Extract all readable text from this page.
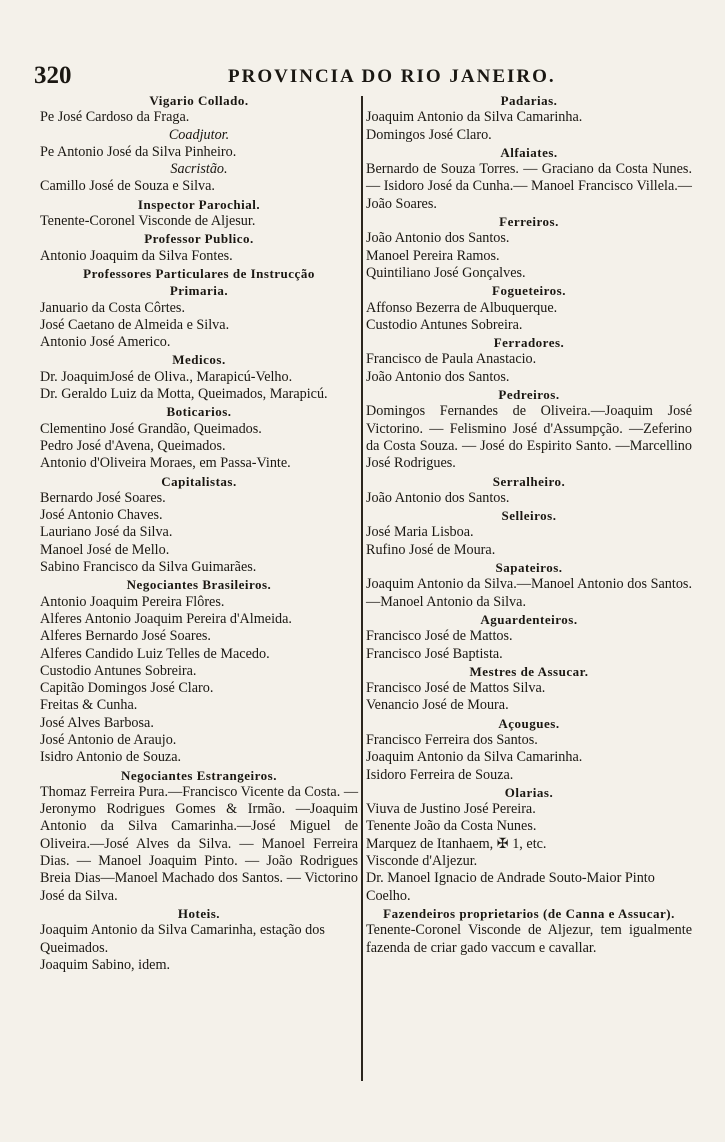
320	PROVINCIA DO RIO JANEIRO.
Vigario Collado.
Pe José Cardoso da Fraga.
Coadjutor.
Pe Antonio José da Silva Pinheiro.
Sacristão.
Camillo José de Souza e Silva.
Inspector Parochial.
Tenente-Coronel Visconde de Aljesur.
Professor Publico.
Antonio Joaquim da Silva Fontes.
Professores Particulares de Instrucção
Primaria.
Januario da Costa Côrtes.
José Caetano de Almeida e Silva.
Antonio José Americo.
Medicos.
Dr. JoaquimJosé de Oliva., Marapicú-Velho.
Dr. Geraldo Luiz da Motta, Queimados, Marapicú.
Boticarios.
Clementino José Grandão, Queimados.
Pedro José d'Avena, Queimados.
Antonio d'Oliveira Moraes, em Passa-Vinte.
Capitalistas.
Bernardo José Soares.
José Antonio Chaves.
Lauriano José da Silva.
Manoel José de Mello.
Sabino Francisco da Silva Guimarães.
Negociantes Brasileiros.
Antonio Joaquim Pereira Flôres.
Alferes Antonio Joaquim Pereira d'Almeida.
Alferes Bernardo José Soares.
Alferes Candido Luiz Telles de Macedo.
Custodio Antunes Sobreira.
Capitão Domingos José Claro.
Freitas & Cunha.
José Alves Barbosa.
José Antonio de Araujo.
Isidro Antonio de Souza.
Negociantes Estrangeiros.
Thomaz Ferreira Pura.—Francisco Vicente da Costa. — Jeronymo Rodrigues Gomes & Irmão. —Joaquim Antonio da Silva Camarinha.—José Miguel de Oliveira.—José Alves da Silva. — Manoel Ferreira Dias. — Manoel Joaquim Pinto. — João Rodrigues Breia Dias—Manoel Machado dos Santos. — Victorino José da Silva.
Hoteis.
Joaquim Antonio da Silva Camarinha, estação dos Queimados.
Joaquim Sabino, idem.
Padarias.
Joaquim Antonio da Silva Camarinha.
Domingos José Claro.
Alfaiates.
Bernardo de Souza Torres. — Graciano da Costa Nunes. — Isidoro José da Cunha.— Manoel Francisco Villela.—João Soares.
Ferreiros.
João Antonio dos Santos.
Manoel Pereira Ramos.
Quintiliano José Gonçalves.
Fogueteiros.
Affonso Bezerra de Albuquerque.
Custodio Antunes Sobreira.
Ferradores.
Francisco de Paula Anastacio.
João Antonio dos Santos.
Pedreiros.
Domingos Fernandes de Oliveira.—Joaquim José Victorino. — Felismino José d'Assumpção. —Zeferino da Costa Souza. — José do Espirito Santo. —Marcellino José Rodrigues.
Serralheiro.
João Antonio dos Santos.
Selleiros.
José Maria Lisboa.
Rufino José de Moura.
Sapateiros.
Joaquim Antonio da Silva.—Manoel Antonio dos Santos. —Manoel Antonio da Silva.
Aguardenteiros.
Francisco José de Mattos.
Francisco José Baptista.
Mestres de Assucar.
Francisco José de Mattos Silva.
Venancio José de Moura.
Açougues.
Francisco Ferreira dos Santos.
Joaquim Antonio da Silva Camarinha.
Isidoro Ferreira de Souza.
Olarias.
Viuva de Justino José Pereira.
Tenente João da Costa Nunes.
Marquez de Itanhaem, ✠ 1, etc.
Visconde d'Aljezur.
Dr. Manoel Ignacio de Andrade Souto-Maior Pinto Coelho.
Fazendeiros proprietarios (de Canna e Assucar).
Tenente-Coronel Visconde de Aljezur, tem igualmente fazenda de criar gado vaccum e cavallar.
